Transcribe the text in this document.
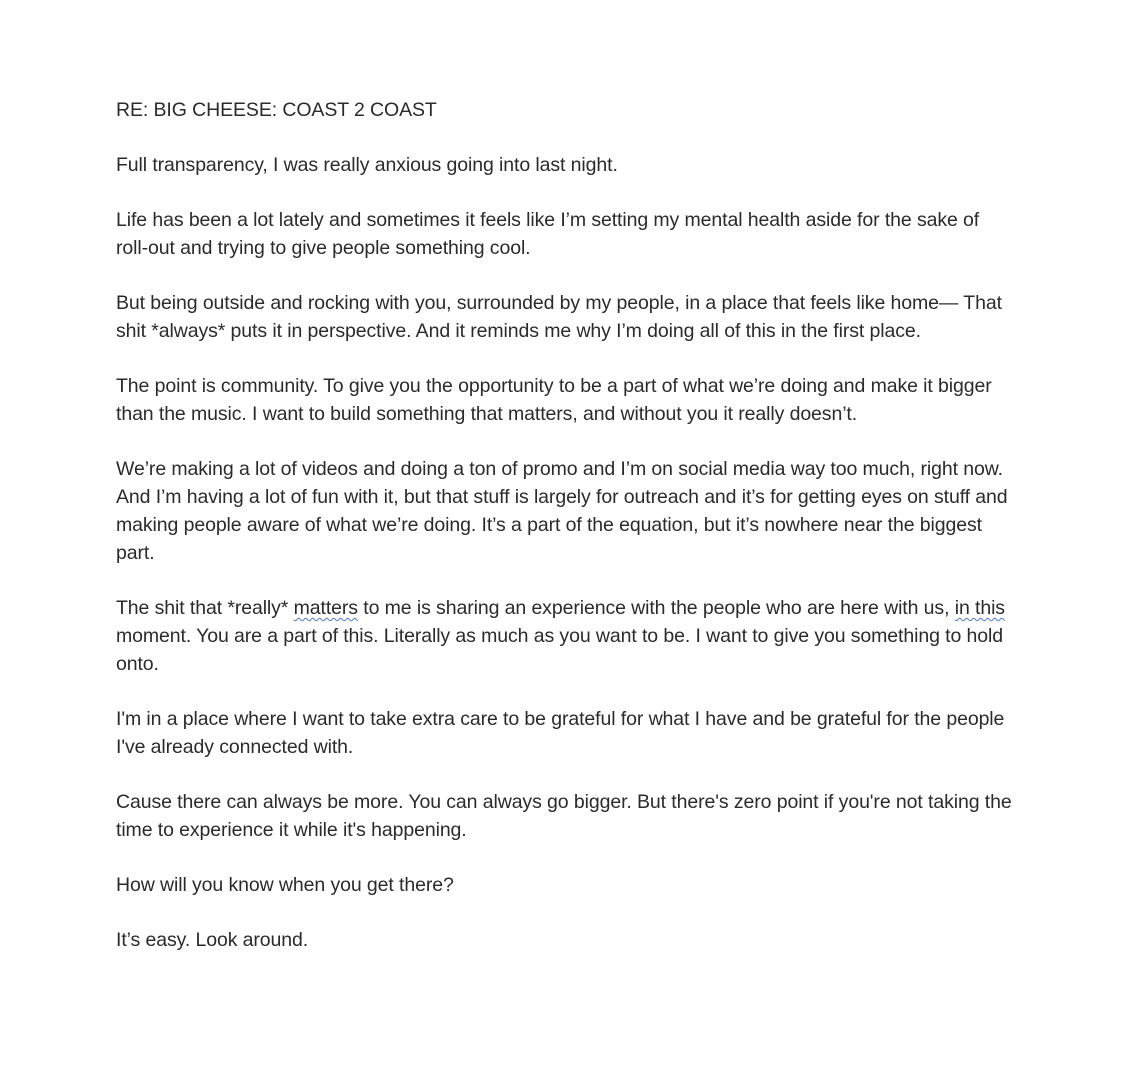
RE: BIG CHEESE: COAST 2 COAST

Full transparency, I was really anxious going into last night.

Life has been a lot lately and sometimes it feels like I’m setting my mental health aside for the sake of roll-out and trying to give people something cool.

But being outside and rocking with you, surrounded by my people, in a place that feels like home— That shit *always* puts it in perspective. And it reminds me why I’m doing all of this in the first place.

The point is community. To give you the opportunity to be a part of what we’re doing and make it bigger than the music. I want to build something that matters, and without you it really doesn’t.

We’re making a lot of videos and doing a ton of promo and I’m on social media way too much, right now. And I’m having a lot of fun with it, but that stuff is largely for outreach and it’s for getting eyes on stuff and making people aware of what we’re doing. It’s a part of the equation, but it’s nowhere near the biggest part.

The shit that *really* matters to me is sharing an experience with the people who are here with us, in this moment. You are a part of this. Literally as much as you want to be. I want to give you something to hold onto.

I'm in a place where I want to take extra care to be grateful for what I have and be grateful for the people I've already connected with.

Cause there can always be more. You can always go bigger. But there's zero point if you're not taking the time to experience it while it's happening.

How will you know when you get there?

It’s easy. Look around.
